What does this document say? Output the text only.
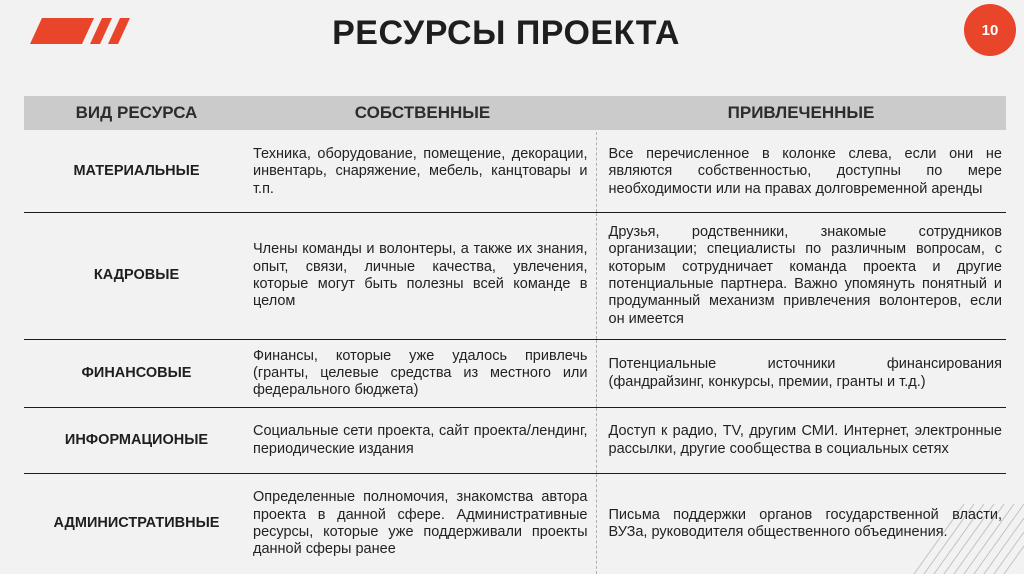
РЕСУРСЫ ПРОЕКТА	10
ВИД РЕСУРСА	СОБСТВЕННЫЕ	ПРИВЛЕЧЕННЫЕ
МАТЕРИАЛЬНЫЕ	Техника, оборудование, помещение, декорации, инвентарь, снаряжение, мебель, канцтовары и т.п.	Все перечисленное в колонке слева, если они не являются собственностью, доступны по мере необходимости или на правах долговременной аренды

КАДРОВЫЕ	Члены команды и волонтеры, а также их знания, опыт, связи, личные качества, увлечения, которые могут быть полезны всей команде в целом	Друзья, родственники, знакомые сотрудников организации; специалисты по различным вопросам, с которым сотрудничает команда проекта и другие потенциальные партнера. Важно упомянуть понятный и продуманный механизм привлечения волонтеров, если он имеется

ФИНАНСОВЫЕ	Финансы, которые уже удалось привлечь (гранты, целевые средства из местного или федерального бюджета)	Потенциальные источники финансирования (фандрайзинг, конкурсы, премии, гранты и т.д.)

ИНФОРМАЦИОНЫЕ	Социальные сети проекта, сайт проекта/лендинг, периодические издания	Доступ к радио, TV, другим СМИ. Интернет, электронные рассылки, другие сообщества в социальных сетях

АДМИНИСТРАТИВНЫЕ	Определенные полномочия, знакомства автора проекта в данной сфере. Административные ресурсы, которые уже поддерживали проекты данной сферы ранее	Письма поддержки органов государственной власти, ВУЗа, руководителя общественного объединения.
